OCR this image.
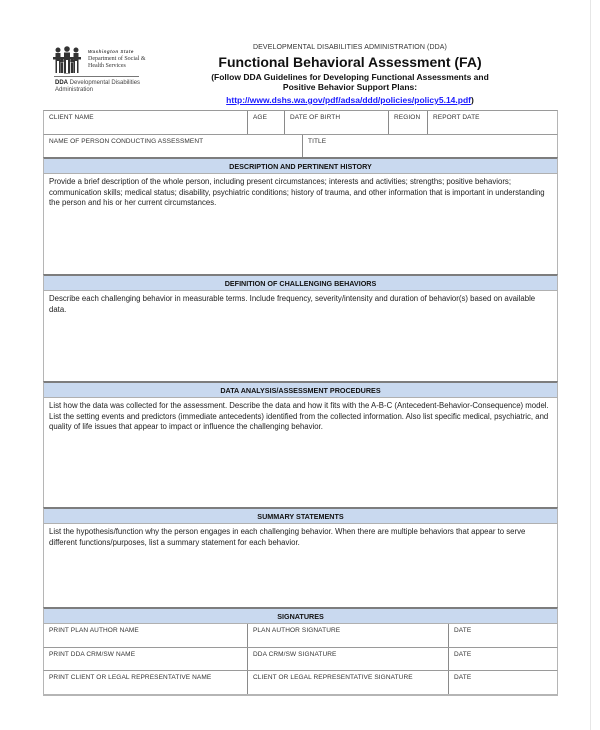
Washington State
Department of Social & Health Services
DDA Developmental Disabilities Administration
DEVELOPMENTAL DISABILITIES ADMINISTRATION (DDA)
Functional Behavioral Assessment (FA)
(Follow DDA Guidelines for Developing Functional Assessments and
Positive Behavior Support Plans:
http://www.dshs.wa.gov/pdf/adsa/ddd/policies/policy5.14.pdf)
CLIENT NAME	AGE	DATE OF BIRTH	REGION	REPORT DATE
NAME OF PERSON CONDUCTING ASSESSMENT	TITLE
DESCRIPTION AND PERTINENT HISTORY
Provide a brief description of the whole person, including present circumstances; interests and activities; strengths; positive behaviors; communication skills; medical status; disability, psychiatric conditions; history of trauma, and other information that is important in understanding the person and his or her current circumstances.
DEFINITION OF CHALLENGING BEHAVIORS
Describe each challenging behavior in measurable terms. Include frequency, severity/intensity and duration of behavior(s) based on available data.
DATA ANALYSIS/ASSESSMENT PROCEDURES
List how the data was collected for the assessment. Describe the data and how it fits with the A-B-C (Antecedent-Behavior-Consequence) model. List the setting events and predictors (immediate antecedents) identified from the collected information. Also list specific medical, psychiatric, and quality of life issues that appear to impact or influence the challenging behavior.
SUMMARY STATEMENTS
List the hypothesis/function why the person engages in each challenging behavior. When there are multiple behaviors that appear to serve different functions/purposes, list a summary statement for each behavior.
SIGNATURES
PRINT PLAN AUTHOR NAME	PLAN AUTHOR SIGNATURE	DATE
PRINT DDA CRM/SW NAME	DDA CRM/SW SIGNATURE	DATE
PRINT CLIENT OR LEGAL REPRESENTATIVE NAME	CLIENT OR LEGAL REPRESENTATIVE SIGNATURE	DATE
